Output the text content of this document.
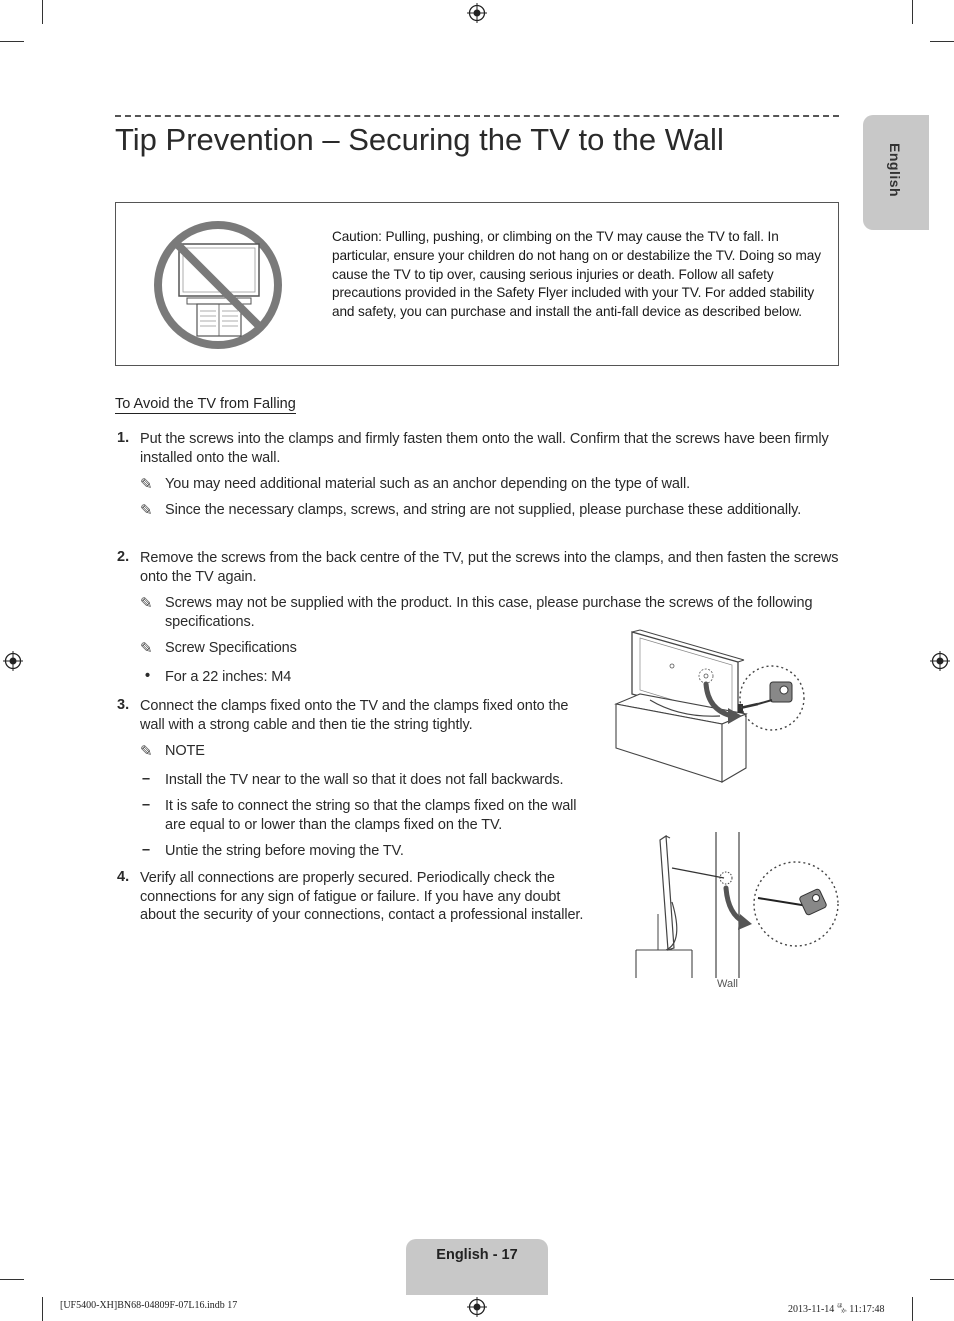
Tip Prevention – Securing the TV to the Wall
English
Caution: Pulling, pushing, or climbing on the TV may cause the TV to fall. In particular, ensure your children do not hang on or destabilize the TV. Doing so may cause the TV to tip over, causing serious injuries or death. Follow all safety precautions provided in the Safety Flyer included with your TV. For added stability and safety, you can purchase and install the anti-fall device as described below.
To Avoid the TV from Falling
1. Put the screws into the clamps and firmly fasten them onto the wall. Confirm that the screws have been firmly installed onto the wall.
✎ You may need additional material such as an anchor depending on the type of wall.
✎ Since the necessary clamps, screws, and string are not supplied, please purchase these additionally.
2. Remove the screws from the back centre of the TV, put the screws into the clamps, and then fasten the screws onto the TV again.
✎ Screws may not be supplied with the product. In this case, please purchase the screws of the following specifications.
✎ Screw Specifications
• For a 22 inches: M4
3. Connect the clamps fixed onto the TV and the clamps fixed onto the wall with a strong cable and then tie the string tightly.
✎ NOTE
– Install the TV near to the wall so that it does not fall backwards.
– It is safe to connect the string so that the clamps fixed on the wall are equal to or lower than the clamps fixed on the TV.
– Untie the string before moving the TV.
4. Verify all connections are properly secured. Periodically check the connections for any sign of fatigue or failure. If you have any doubt about the security of your connections, contact a professional installer.
Wall
English - 17
[UF5400-XH]BN68-04809F-07L16.indb 17	2013-11-14 🈀 11:17:48
